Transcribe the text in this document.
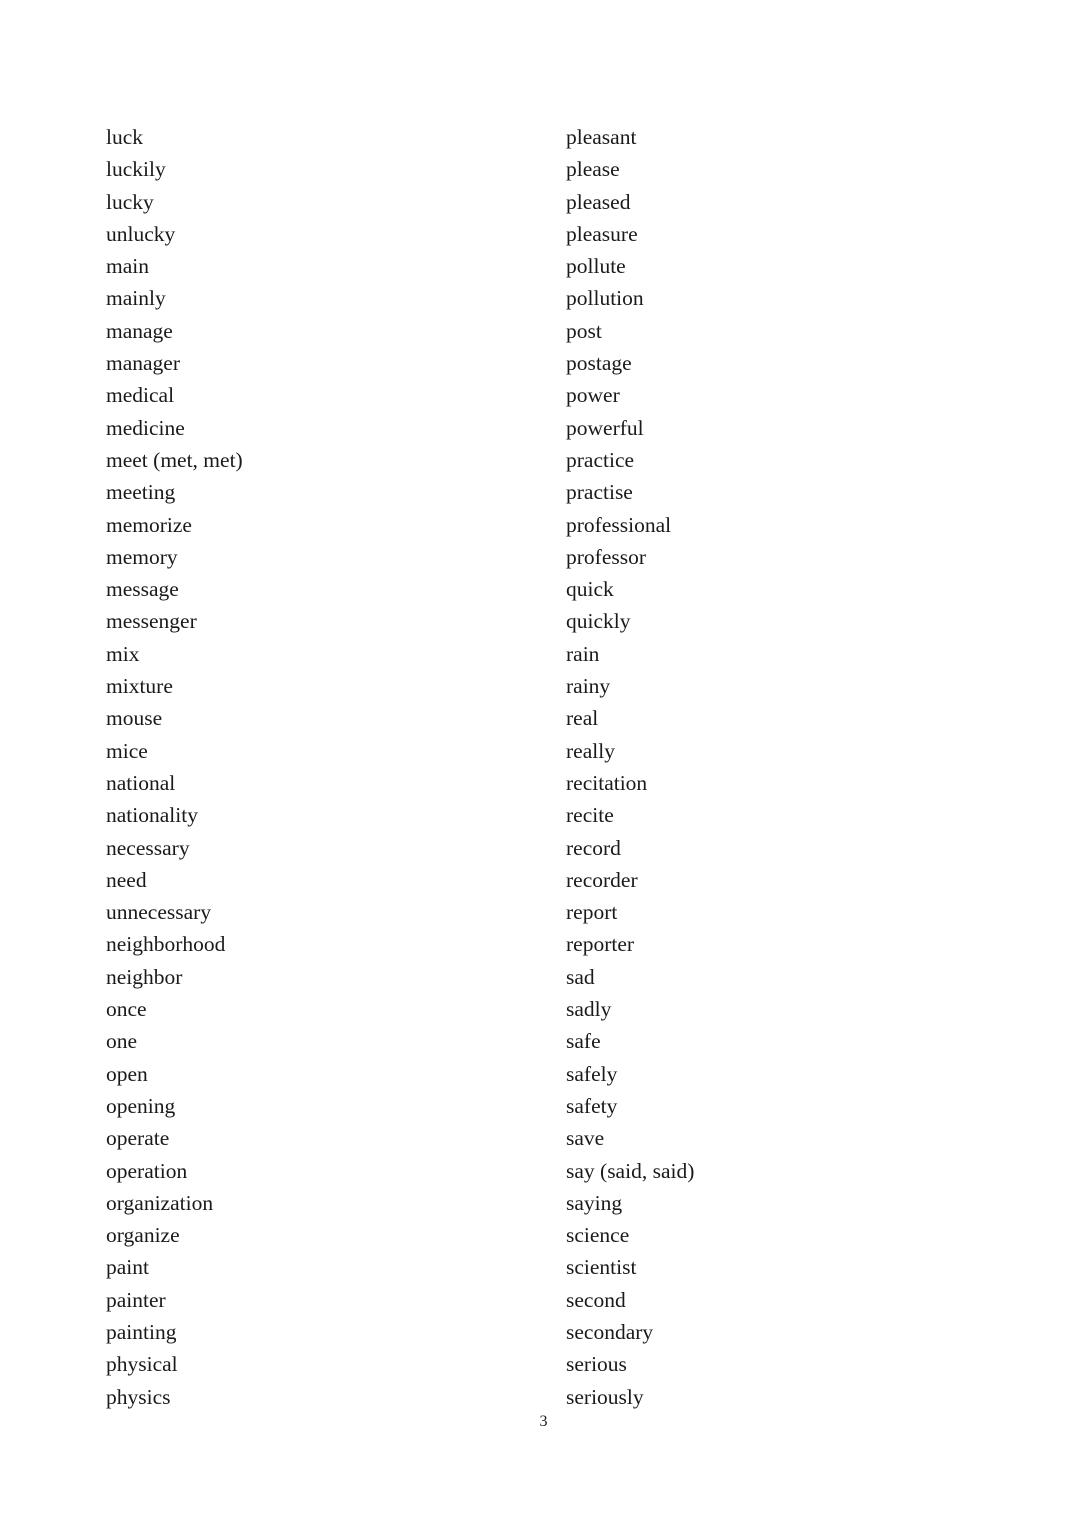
luck
luckily
lucky
unlucky
main
mainly
manage
manager
medical
medicine
meet (met, met)
meeting
memorize
memory
message
messenger
mix
mixture
mouse
mice
national
nationality
necessary
need
unnecessary
neighborhood
neighbor
once
one
open
opening
operate
operation
organization
organize
paint
painter
painting
physical
physics
pleasant
please
pleased
pleasure
pollute
pollution
post
postage
power
powerful
practice
practise
professional
professor
quick
quickly
rain
rainy
real
really
recitation
recite
record
recorder
report
reporter
sad
sadly
safe
safely
safety
save
say (said, said)
saying
science
scientist
second
secondary
serious
seriously
3
